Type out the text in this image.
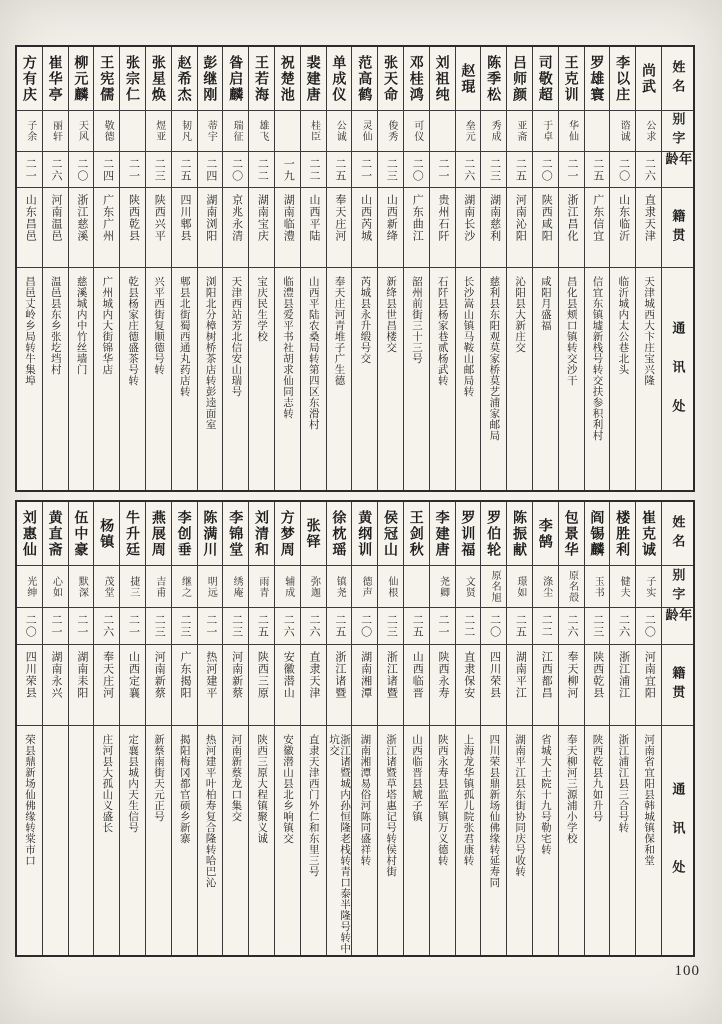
姓名
别字
年龄
籍贯
通讯处
尚武
公求
二六
直隶天津
天津城西大卞庄宝兴隆
李以庄
谘诚
二〇
山东临沂
临沂城内太公巷北头
罗雄寰
二五
广东信宜
信宜东镇墟新栈号转交扶参积利村
王克训
华仙
二一
浙江昌化
昌化县颊口镇转交沙干
司敬超
于卓
二〇
陕西咸阳
咸阳月盛福
吕师颜
亚斋
二五
河南沁阳
沁阳县大新庄交
陈季松
秀成
二三
湖南慈利
慈利县东阳观莫家桥莫艺浦家邮局
赵琨
垒元
二六
湖南长沙
长沙嵩山镇马鞍山邮局转
刘祖纯
二一
贵州石阡
石阡县杨家巷贰杨武转
邓桂鸿
可仪
二〇
广东曲江
韶州前街三十三号
张天命
俊秀
二三
山西新绛
新绛县世昌楼交
范高鹤
灵仙
二一
山西芮城
芮城县永升缎号交
单成仪
公诚
二五
奉天庄河
奉天庄河青堆子广生德
裴建唐
桂臣
二二
山西平陆
山西平陆农桑局转第四区东滑村
祝楚池
一九
湖南临澧
临澧县爱平书社胡求仙同志转
王若海
雄飞
二二
湖南宝庆
宝庆民生学校
昝启麟
瑞征
二〇
京兆永清
天津西站芳北信安山瑞号
彭继刚
蒂宇
二四
湖南浏阳
浏阳北分樟树桥茶店转彭逵面室
赵希杰
韧凡
二五
四川郫县
郫县北街蜀西通丸药店转
张星焕
煜亚
二三
陕西兴平
兴平西街复顺德号转
张宗仁
二一
陕西乾县
乾县杨家庄德盛茶号转
王宪儒
敬德
二四
广东广州
广州城内大街锦华店
柳元麟
天风
二〇
浙江慈溪
慈溪城内中竹丝墙门
崔华亭
丽轩
二六
河南温邑
温邑县东乡张圪垱村
方有庆
子余
二一
山东昌邑
昌邑丈岭乡局转牛集埠
姓名
别字
年龄
籍贯
通讯处
崔克诚
子实
二〇
河南宜阳
河南省宜阳县韩城镇保和堂
楼胜利
健夫
二六
浙江浦江
浙江浦江县三合号转
阎锡麟
玉书
二三
陕西乾县
陕西乾县九如升号
包景华
原名殻
二六
奉天柳河
奉天柳河三源浦小学校
李鹄
涤尘
二二
江西都昌
省城大士院十九号勒宅转
陈振献
璟如
二五
湖南平江
湖南平江县东街协同庆号收转
罗伯轮
原名旭
二〇
四川荣县
四川荣县鼎新场仙佛缘转延寿同
罗训福
文贤
二二
直隶保安
上海龙华镇孤儿院张君康转
李建唐
尧卿
二一
陕西永寿
陕西永寿县监军镇万义德转
王剑秋
二五
山西临晋
山西临晋县虓子镇
侯冠山
仙根
二三
浙江诸暨
浙江诸暨草塔惠记号转侯村街
黄纲训
德声
二〇
湖南湘潭
湖南湘潭易俗河陈同盛祥转
徐枕瑶
镇尧
二五
浙江诸暨
浙江诸暨城内孙恒隆老栈转青口泰半隆号转中坑交
张铎
弥迦
二六
直隶天津
直隶天津西门外仁和东里三号
方梦周
辅成
二六
安徽潜山
安徽潜山县北乡响镇交
刘清和
雨青
二五
陕西三原
陕西三原大程镇聚义诚
李锦堂
绣庵
二三
河南新蔡
河南新蔡龙口集交
陈满川
明远
二一
热河建平
热河建平叶柏寿复合隆转哈巴沁
李创垂
继之
二三
广东揭阳
揭阳梅冈都官硕乡新寨
燕展周
吉甫
二三
河南新蔡
新蔡南街天元正号
牛升廷
捷三
二一
山西定襄
定襄县城内天生信号
杨镇
茂堂
二六
奉天庄河
庄河县大孤山义盛长
伍中豪
默深
二一
湖南耒阳
黄直斋
心如
二一
湖南永兴
刘惠仙
光绅
二〇
四川荣县
荣县鼎新场仙佛缘转棠市口
100
